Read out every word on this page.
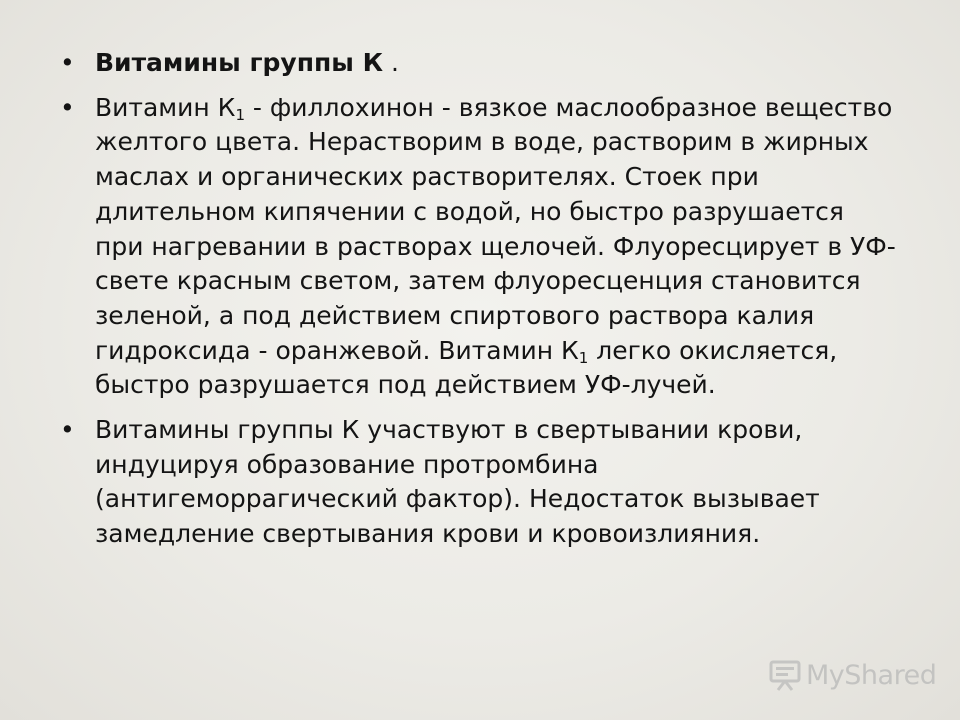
• Витамины группы К .
• Витамин $К_1$ - филлохинон - вязкое маслообразное вещество желтого цвета. Нерастворим в воде, растворим в жирных маслах и органических растворителях. Стоек при длительном кипячении с водой, но быстро разрушается при нагревании в растворах щелочей. Флуоресцирует в УФ-свете красным светом, затем флуоресценция становится зеленой, а под действием спиртового раствора калия гидроксида - оранжевой. Витамин $К_1$ легко окисляется, быстро разрушается под действием УФ-лучей.
• Витамины группы К участвуют в свертывании крови, индуцируя образование протромбина (антигеморрагический фактор). Недостаток вызывает замедление свертывания крови и кровоизлияния.
MyShared
